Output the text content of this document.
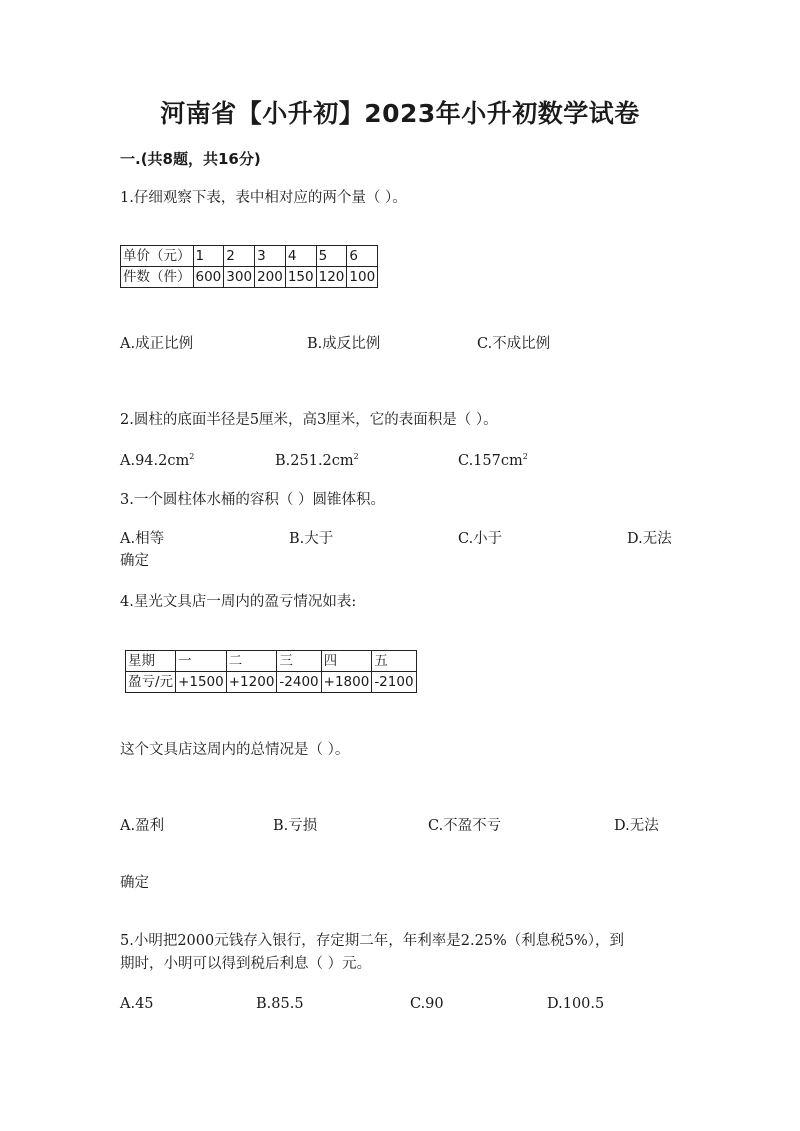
河南省【小升初】2023年小升初数学试卷
一.(共8题，共16分)
1.仔细观察下表，表中相对应的两个量（ ）。
单价（元）	1	2	3	4	5	6
件数（件）	600	300	200	150	120	100
A.成正比例	B.成反比例	C.不成比例
2.圆柱的底面半径是5厘米，高3厘米，它的表面积是（ ）。
$A.94.2cm^2$	$B.251.2cm^2$	$C.157cm^2$
3.一个圆柱体水桶的容积（ ）圆锥体积。
A.相等	B.大于	C.小于	D.无法
确定
4.星光文具店一周内的盈亏情况如表:
星期	一	二	三	四	五
盈亏/元	+1500	+1200	-2400	+1800	-2100
这个文具店这周内的总情况是（ ）。
A.盈利	B.亏损	C.不盈不亏	D.无法
确定
5.小明把2000元钱存入银行，存定期二年，年利率是2.25%（利息税5%），到
期时，小明可以得到税后利息（ ）元。
A.45	B.85.5	C.90	D.100.5
